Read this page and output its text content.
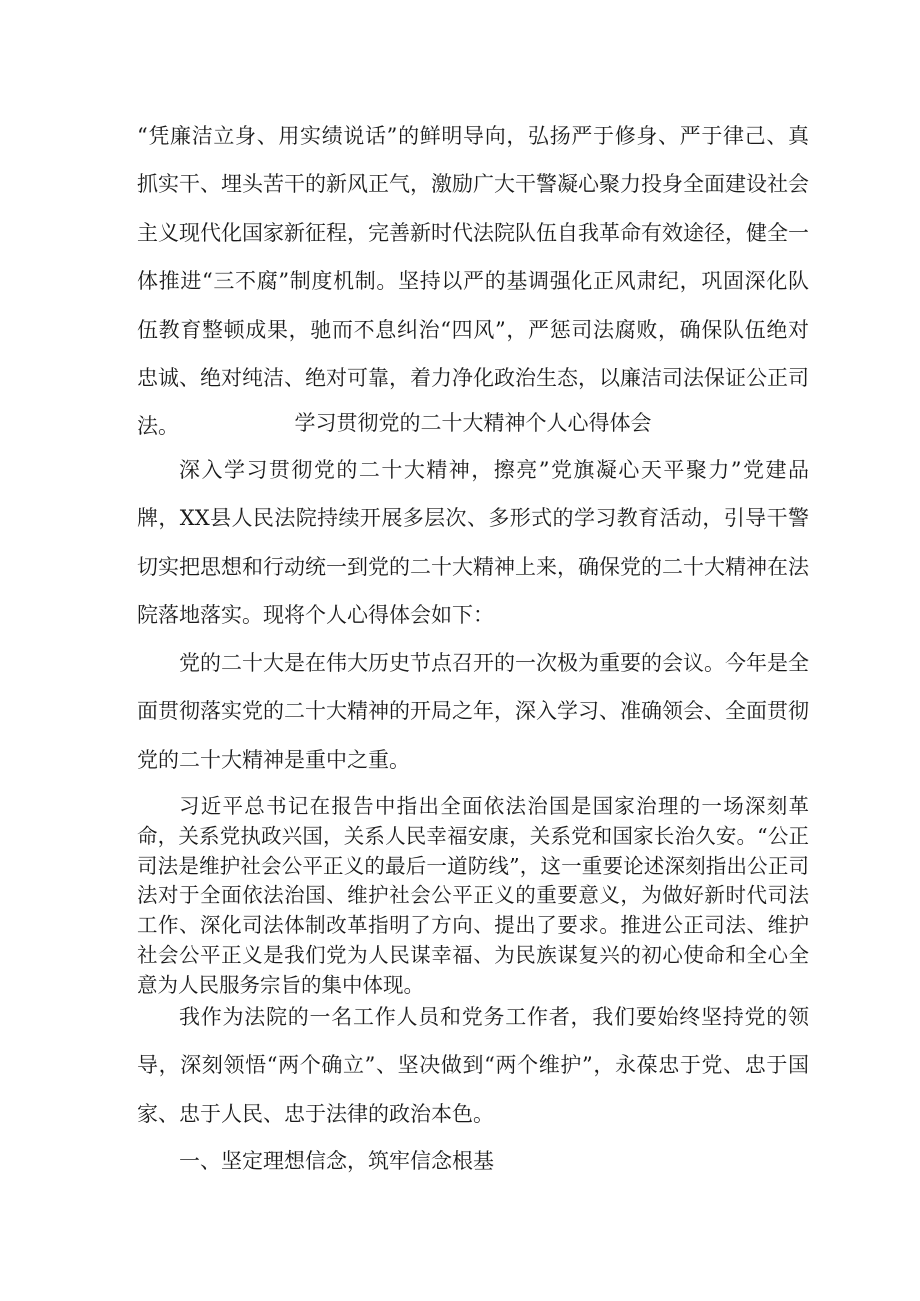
“凭廉洁立身、用实绩说话”的鲜明导向，弘扬严于修身、严于律己、真抓实干、埋头苦干的新风正气，激励广大干警凝心聚力投身全面建设社会主义现代化国家新征程，完善新时代法院队伍自我革命有效途径，健全一体推进“三不腐”制度机制。坚持以严的基调强化正风肃纪，巩固深化队伍教育整顿成果，驰而不息纠治“四风”，严惩司法腐败，确保队伍绝对忠诚、绝对纯洁、绝对可靠，着力净化政治生态，以廉洁司法保证公正司法。	学习贯彻党的二十大精神个人心得体会

深入学习贯彻党的二十大精神，擦亮”党旗凝心天平聚力”党建品牌，XX县人民法院持续开展多层次、多形式的学习教育活动，引导干警切实把思想和行动统一到党的二十大精神上来，确保党的二十大精神在法院落地落实。现将个人心得体会如下：

党的二十大是在伟大历史节点召开的一次极为重要的会议。今年是全面贯彻落实党的二十大精神的开局之年，深入学习、准确领会、全面贯彻党的二十大精神是重中之重。

习近平总书记在报告中指出全面依法治国是国家治理的一场深刻革命，关系党执政兴国，关系人民幸福安康，关系党和国家长治久安。“公正司法是维护社会公平正义的最后一道防线”，这一重要论述深刻指出公正司法对于全面依法治国、维护社会公平正义的重要意义，为做好新时代司法工作、深化司法体制改革指明了方向、提出了要求。推进公正司法、维护社会公平正义是我们党为人民谋幸福、为民族谋复兴的初心使命和全心全意为人民服务宗旨的集中体现。

我作为法院的一名工作人员和党务工作者，我们要始终坚持党的领导，深刻领悟“两个确立”、坚决做到“两个维护”，永葆忠于党、忠于国家、忠于人民、忠于法律的政治本色。

一、坚定理想信念，筑牢信念根基
